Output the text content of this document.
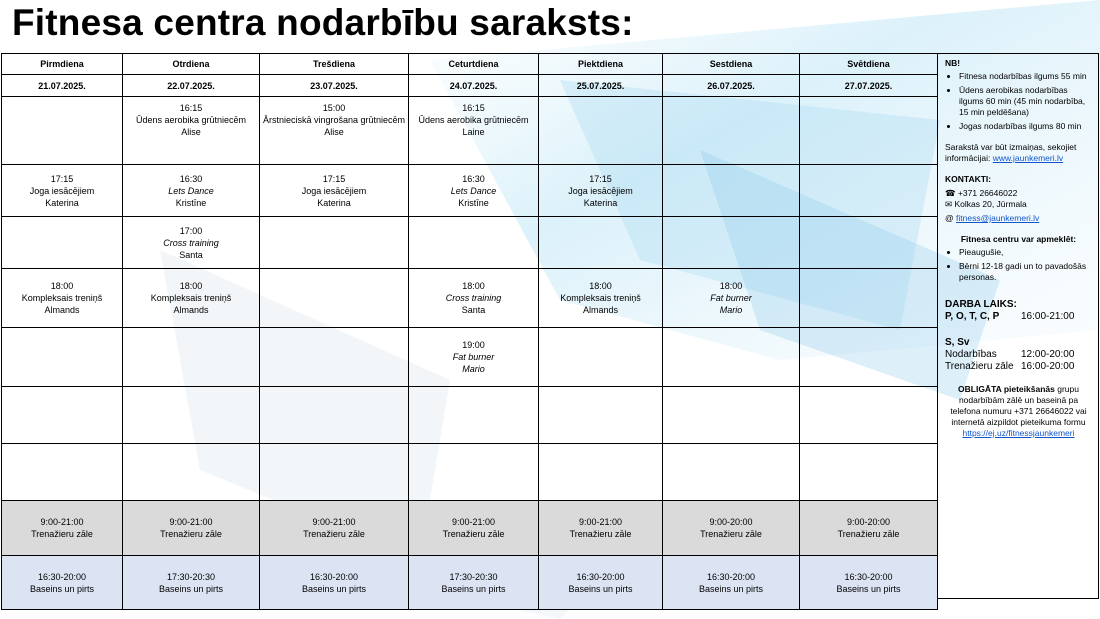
Fitnesa centra nodarbību saraksts:
Pirmdiena	Otrdiena	Trešdiena	Ceturtdiena	Piektdiena	Sestdiena	Svētdiena
21.07.2025.	22.07.2025.	23.07.2025.	24.07.2025.	25.07.2025.	26.07.2025.	27.07.2025.

	16:15
Ūdens aerobika grūtniecēm
Alise	15:00
Ārstnieciskā vingrošana grūtniecēm
Alise	16:15
Ūdens aerobika grūtniecēm
Laine			

17:15
Joga iesācējiem
Katerina	16:30
Lets Dance
Kristīne	17:15
Joga iesācējiem
Katerina	16:30
Lets Dance
Kristīne	17:15
Joga iesācējiem
Katerina		

	17:00
Cross training
Santa					

18:00
Kompleksais treniņš
Almands	18:00
Kompleksais treniņš
Almands		18:00
Cross training
Santa	18:00
Kompleksais treniņš
Almands	18:00
Fat burner
Mario	

			19:00
Fat burner
Mario			

9:00-21:00
Trenažieru zāle	9:00-21:00
Trenažieru zāle	9:00-21:00
Trenažieru zāle	9:00-21:00
Trenažieru zāle	9:00-21:00
Trenažieru zāle	9:00-20:00
Trenažieru zāle	9:00-20:00
Trenažieru zāle

16:30-20:00
Baseins un pirts	17:30-20:30
Baseins un pirts	16:30-20:00
Baseins un pirts	17:30-20:30
Baseins un pirts	16:30-20:00
Baseins un pirts	16:30-20:00
Baseins un pirts	16:30-20:00
Baseins un pirts
NB!
• Fitnesa nodarbības ilgums 55 min
• Ūdens aerobikas nodarbības ilgums 60 min (45 min nodarbība, 15 min peldēšana)
• Jogas nodarbības ilgums 80 min
Sarakstā var būt izmaiņas, sekojiet informācijai: www.jaunkemeri.lv
KONTAKTI:
☎ +371 26646022
✉ Kolkas 20, Jūrmala
@ fitness@jaunkemeri.lv
Fitnesa centru var apmeklēt:
• Pieaugušie,
• Bērni 12-18 gadi un to pavadošās personas.
DARBA LAIKS:
P, O, T, C, P	16:00-21:00
S, Sv
Nodarbības	12:00-20:00
Trenažieru zāle 16:00-20:00
OBLIGĀTA pieteikšanās grupu nodarbībām zālē un baseinā pa telefona numuru +371 26646022 vai internetā aizpildot pieteikuma formu
https://ej.uz/fitnessjaunkemeri
